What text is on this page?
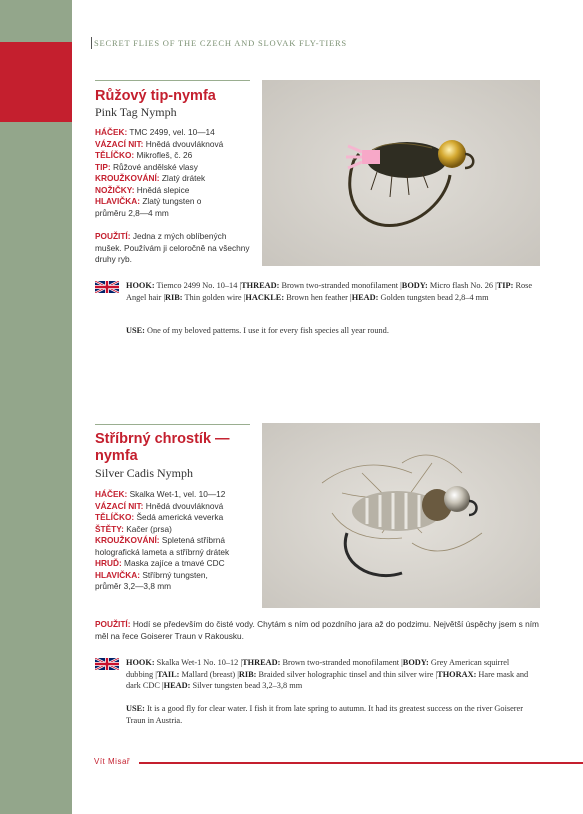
SECRET FLIES OF THE CZECH AND SLOVAK FLY-TIERS
Růžový tip-nymfa
Pink Tag Nymph
HÁČEK: TMC 2499, vel. 10—14
VÁZACÍ NIT: Hnědá dvouvláknová
TĚLÍČKO: Mikrofleš, č. 26
TIP: Růžové andělské vlasy
KROUŽKOVÁNÍ: Zlatý drátek
NOŽIČKY: Hnědá slepice
HLAVIČKA: Zlatý tungsten o průměru 2,8—4 mm
POUŽITÍ: Jedna z mých oblíbených mušek. Používám ji celoročně na všechny druhy ryb.
HOOK: Tiemco 2499 No. 10–14 |THREAD: Brown two-stranded monofilament |BODY: Micro flash No. 26 |TIP: Rose Angel hair |RIB: Thin golden wire |HACKLE: Brown hen feather |HEAD: Golden tungsten bead 2,8–4 mm
USE: One of my beloved patterns. I use it for every fish species all year round.
Stříbrný chrostík — nymfa
Silver Cadis Nymph
HÁČEK: Skalka Wet-1, vel. 10—12
VÁZACÍ NIT: Hnědá dvouvláknová
TĚLÍČKO: Šedá americká veverka
ŠTĚTY: Kačer (prsa)
KROUŽKOVÁNÍ: Spletená stříbrná holografická lameta a stříbrný drátek
HRUĎ: Maska zajíce a tmavé CDC
HLAVIČKA: Stříbrný tungsten, průměr 3,2—3,8 mm
POUŽITÍ: Hodí se především do čisté vody. Chytám s ním od pozdního jara až do podzimu. Největší úspěchy jsem s ním měl na řece Goiserer Traun v Rakousku.
HOOK: Skalka Wet-1 No. 10–12 |THREAD: Brown two-stranded monofilament |BODY: Grey American squirrel dubbing |TAIL: Mallard (breast) |RIB: Braided silver holographic tinsel and thin silver wire |THORAX: Hare mask and dark CDC |HEAD: Silver tungsten bead 3,2–3,8 mm
USE: It is a good fly for clear water. I fish it from late spring to autumn. It had its greatest success on the river Goiserer Traun in Austria.
Vít Misař
